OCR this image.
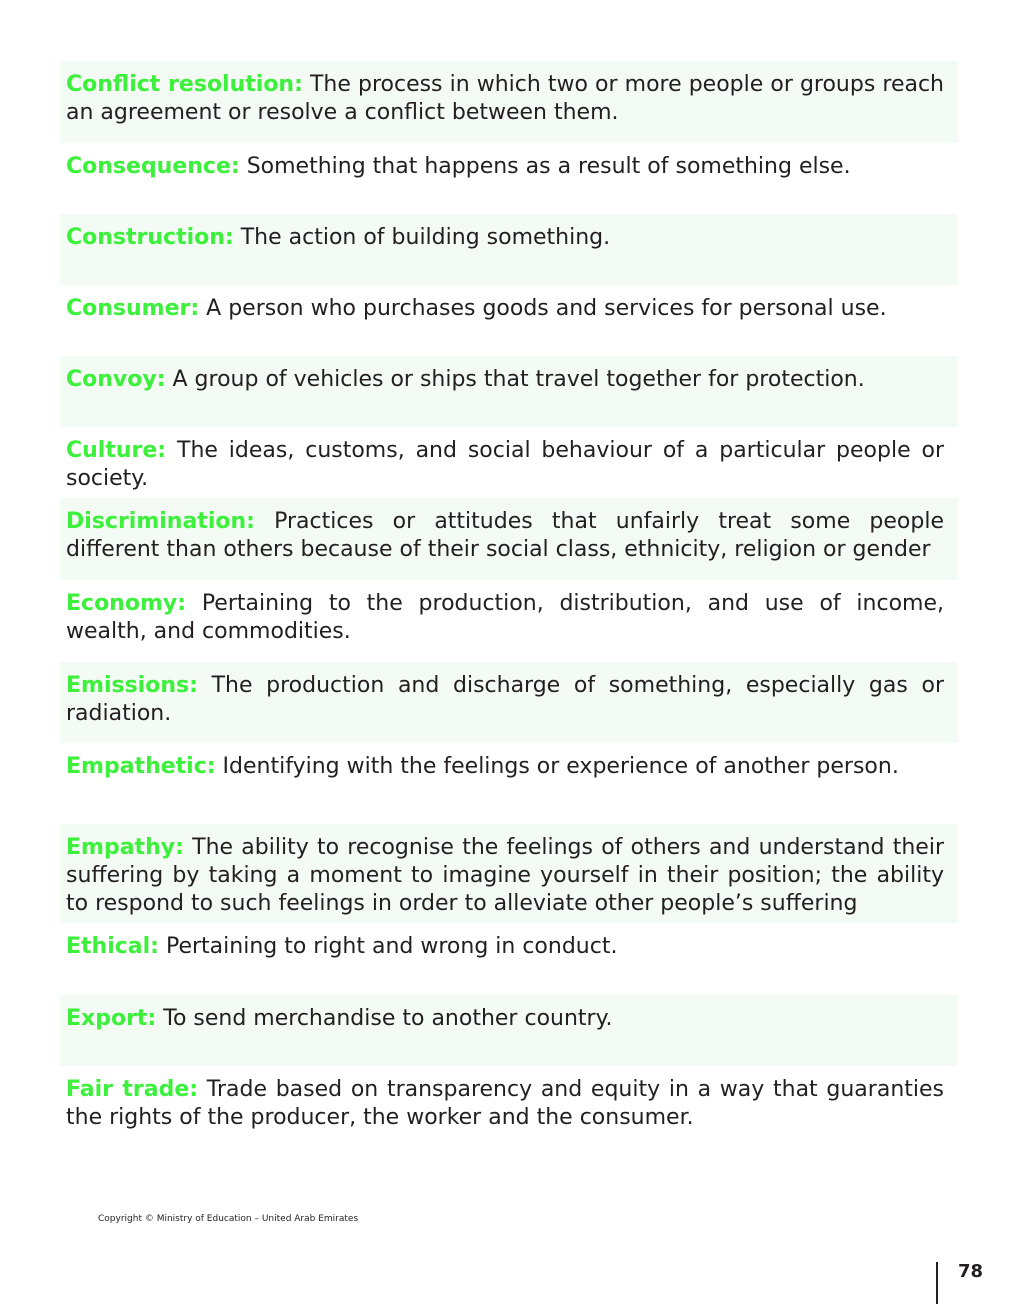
Conflict resolution: The process in which two or more people or groups reach an agreement or resolve a conflict between them.
Consequence: Something that happens as a result of something else.
Construction: The action of building something.
Consumer: A person who purchases goods and services for personal use.
Convoy: A group of vehicles or ships that travel together for protection.
Culture: The ideas, customs, and social behaviour of a particular people or society.
Discrimination: Practices or attitudes that unfairly treat some people different than others because of their social class, ethnicity, religion or gender
Economy: Pertaining to the production, distribution, and use of income, wealth, and commodities.
Emissions: The production and discharge of something, especially gas or radiation.
Empathetic: Identifying with the feelings or experience of another person.
Empathy: The ability to recognise the feelings of others and understand their suffering by taking a moment to imagine yourself in their position; the ability to respond to such feelings in order to alleviate other people’s suffering
Ethical: Pertaining to right and wrong in conduct.
Export: To send merchandise to another country.
Fair trade: Trade based on transparency and equity in a way that guaranties the rights of the producer, the worker and the consumer.
Copyright © Ministry of Education – United Arab Emirates
78
